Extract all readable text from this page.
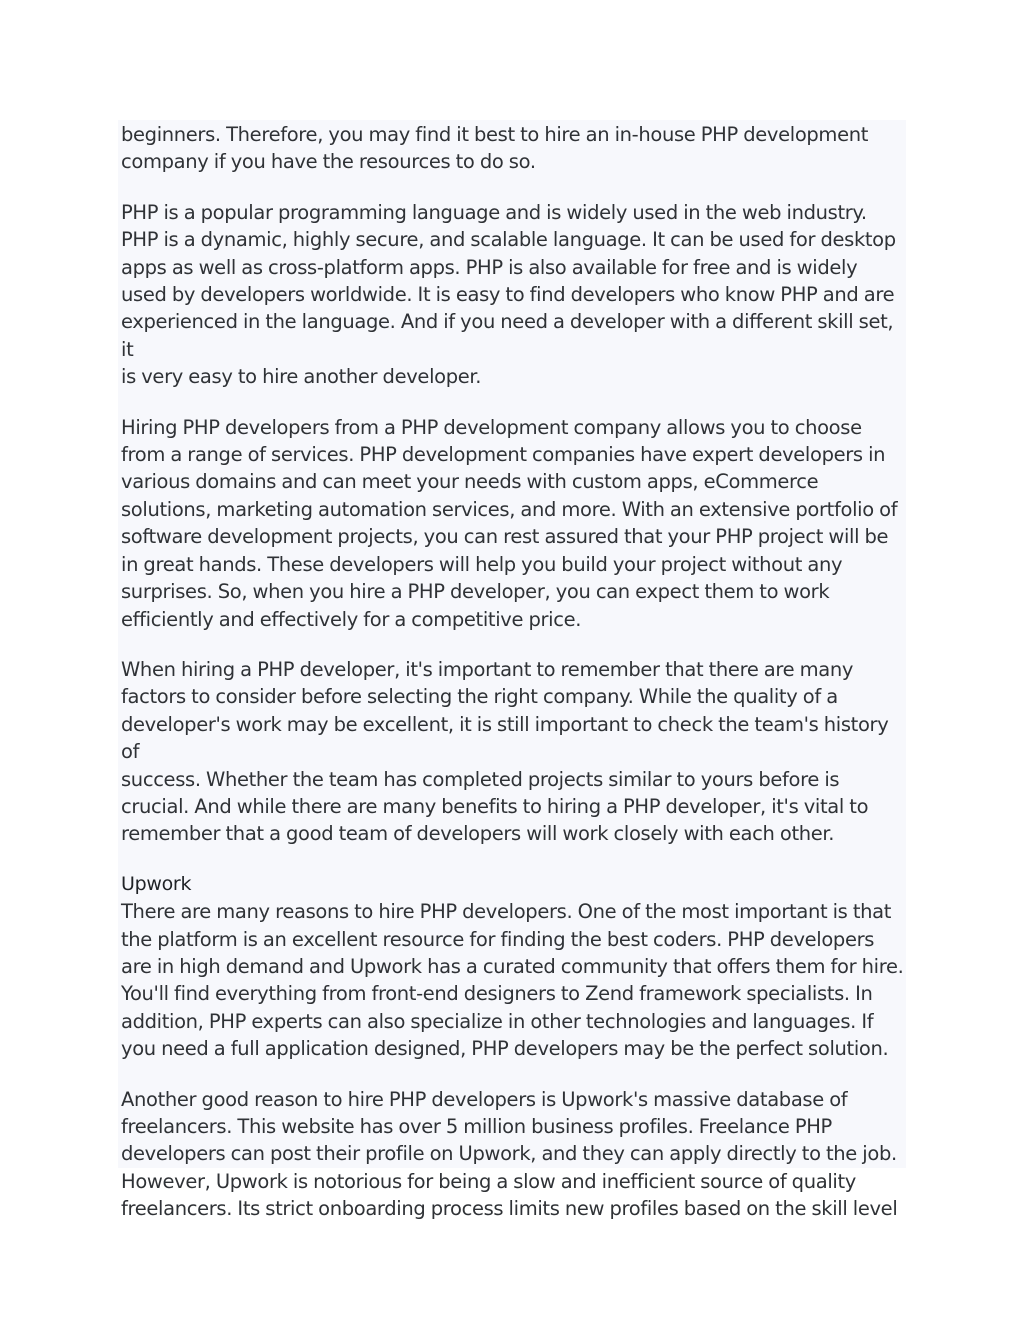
beginners. Therefore, you may find it best to hire an in-house PHP development
company if you have the resources to do so.

PHP is a popular programming language and is widely used in the web industry.
PHP is a dynamic, highly secure, and scalable language. It can be used for desktop
apps as well as cross-platform apps. PHP is also available for free and is widely
used by developers worldwide. It is easy to find developers who know PHP and are
experienced in the language. And if you need a developer with a different skill set, it
is very easy to hire another developer.

Hiring PHP developers from a PHP development company allows you to choose
from a range of services. PHP development companies have expert developers in
various domains and can meet your needs with custom apps, eCommerce
solutions, marketing automation services, and more. With an extensive portfolio of
software development projects, you can rest assured that your PHP project will be
in great hands. These developers will help you build your project without any
surprises. So, when you hire a PHP developer, you can expect them to work
efficiently and effectively for a competitive price.

When hiring a PHP developer, it's important to remember that there are many
factors to consider before selecting the right company. While the quality of a
developer's work may be excellent, it is still important to check the team's history of
success. Whether the team has completed projects similar to yours before is
crucial. And while there are many benefits to hiring a PHP developer, it's vital to
remember that a good team of developers will work closely with each other.

Upwork

There are many reasons to hire PHP developers. One of the most important is that
the platform is an excellent resource for finding the best coders. PHP developers
are in high demand and Upwork has a curated community that offers them for hire.
You'll find everything from front-end designers to Zend framework specialists. In
addition, PHP experts can also specialize in other technologies and languages. If
you need a full application designed, PHP developers may be the perfect solution.

Another good reason to hire PHP developers is Upwork's massive database of
freelancers. This website has over 5 million business profiles. Freelance PHP
developers can post their profile on Upwork, and they can apply directly to the job.
However, Upwork is notorious for being a slow and inefficient source of quality
freelancers. Its strict onboarding process limits new profiles based on the skill level
